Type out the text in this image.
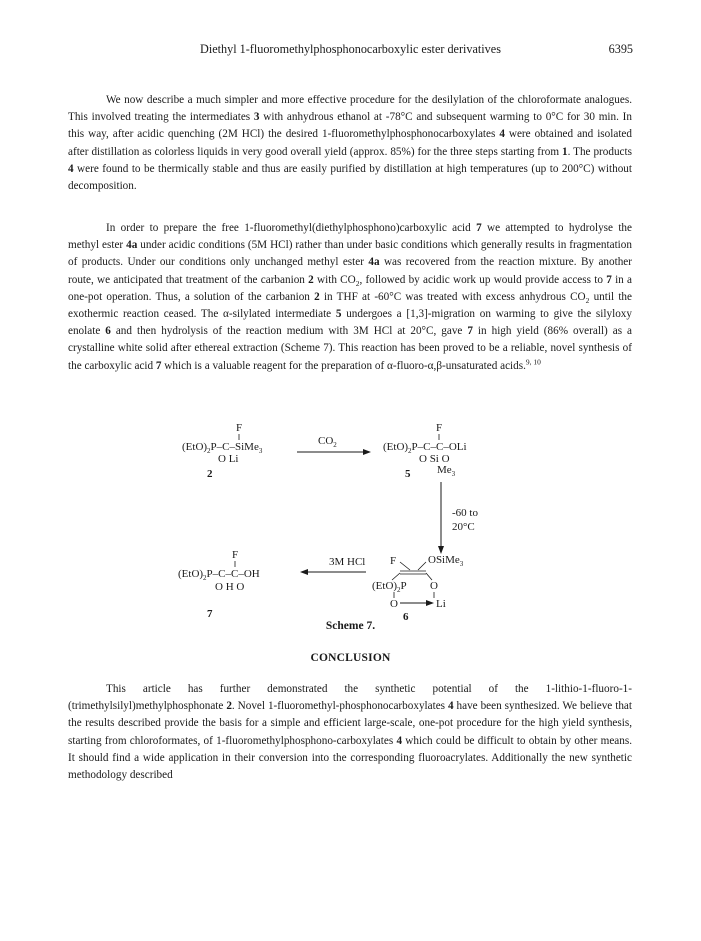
Diethyl 1-fluoromethylphosphonocarboxylic ester derivatives	6395

We now describe a much simpler and more effective procedure for the desilylation of the chloroformate analogues. This involved treating the intermediates 3 with anhydrous ethanol at -78°C and subsequent warming to 0°C for 30 min. In this way, after acidic quenching (2M HCl) the desired 1-fluoromethylphosphonocarboxylates 4 were obtained and isolated after distillation as colorless liquids in very good overall yield (approx. 85%) for the three steps starting from 1. The products 4 were found to be thermically stable and thus are easily purified by distillation at high temperatures (up to 200°C) without decomposition.

In order to prepare the free 1-fluoromethyl(diethylphosphono)carboxylic acid 7 we attempted to hydrolyse the methyl ester 4a under acidic conditions (5M HCl) rather than under basic conditions which generally results in fragmentation of products. Under our conditions only unchanged methyl ester 4a was recovered from the reaction mixture. By another route, we anticipated that treatment of the carbanion 2 with $CO_2$, followed by acidic work up would provide access to 7 in a one-pot operation. Thus, a solution of the carbanion 2 in THF at -60°C was treated with excess anhydrous $CO_2$ until the exothermic reaction ceased. The α-silylated intermediate 5 undergoes a [1,3]-migration on warming to give the silyloxy enolate 6 and then hydrolysis of the reaction medium with 3M HCl at 20°C, gave 7 in high yield (86% overall) as a crystalline white solid after ethereal extraction (Scheme 7). This reaction has been proved to be a reliable, novel synthesis of the carboxylic acid 7 which is a valuable reagent for the preparation of α-fluoro-α,β-unsaturated acids.$^{9, 10}$

F
$(EtO)_2P-C-SiMe_3$
O Li
2
$CO_2$
F
$(EtO)_2P-C-C$–OLi
O Si O
$Me_3$
5
-60 to
20°C
F	OSiMe$_3$
$(EtO)_2P$ O
O	Li
6
3M HCl
F
$(EtO)_2P-C-C-OH$
O H O
7
Scheme 7.
CONCLUSION

This article has further demonstrated the synthetic potential of the 1-lithio-1-fluoro-1-(trimethylsilyl)methylphosphonate 2. Novel 1-fluoromethyl-phosphonocarboxylates 4 have been synthesized. We believe that the results described provide the basis for a simple and efficient large-scale, one-pot procedure for the high yield synthesis, starting from chloroformates, of 1-fluoromethylphosphono-carboxylates 4 which could be difficult to obtain by other means. It should find a wide application in their conversion into the corresponding fluoroacrylates. Additionally the new synthetic methodology described
